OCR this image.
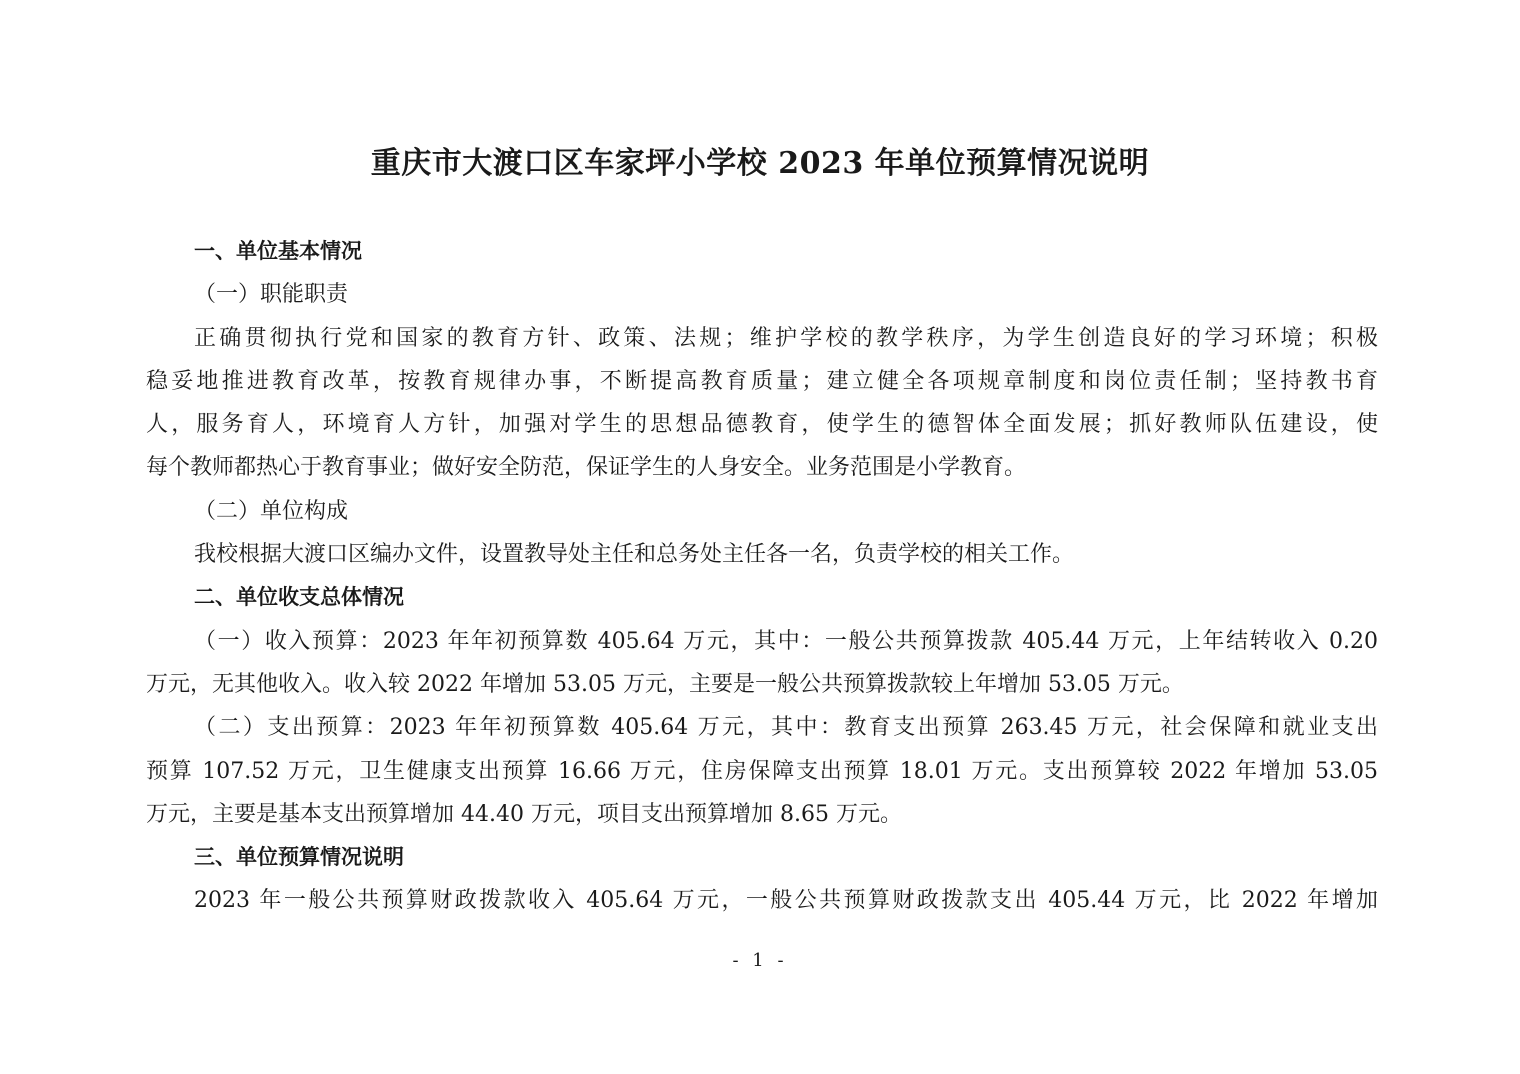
重庆市大渡口区车家坪小学校 2023 年单位预算情况说明
一、单位基本情况
（一）职能职责
正确贯彻执行党和国家的教育方针、政策、法规；维护学校的教学秩序，为学生创造良好的学习环境；积极
稳妥地推进教育改革，按教育规律办事，不断提高教育质量；建立健全各项规章制度和岗位责任制；坚持教书育
人，服务育人，环境育人方针，加强对学生的思想品德教育，使学生的德智体全面发展；抓好教师队伍建设，使
每个教师都热心于教育事业；做好安全防范，保证学生的人身安全。业务范围是小学教育。
（二）单位构成
我校根据大渡口区编办文件，设置教导处主任和总务处主任各一名，负责学校的相关工作。
二、单位收支总体情况
（一）收入预算：2023 年年初预算数 405.64 万元，其中：一般公共预算拨款 405.44 万元，上年结转收入 0.20
万元，无其他收入。收入较 2022 年增加 53.05 万元，主要是一般公共预算拨款较上年增加 53.05 万元。
（二）支出预算：2023 年年初预算数 405.64 万元，其中：教育支出预算 263.45 万元，社会保障和就业支出
预算 107.52 万元，卫生健康支出预算 16.66 万元，住房保障支出预算 18.01 万元。支出预算较 2022 年增加 53.05
万元，主要是基本支出预算增加 44.40 万元，项目支出预算增加 8.65 万元。
三、单位预算情况说明
2023 年一般公共预算财政拨款收入 405.64 万元，一般公共预算财政拨款支出 405.44 万元，比 2022 年增加
- 1 -
